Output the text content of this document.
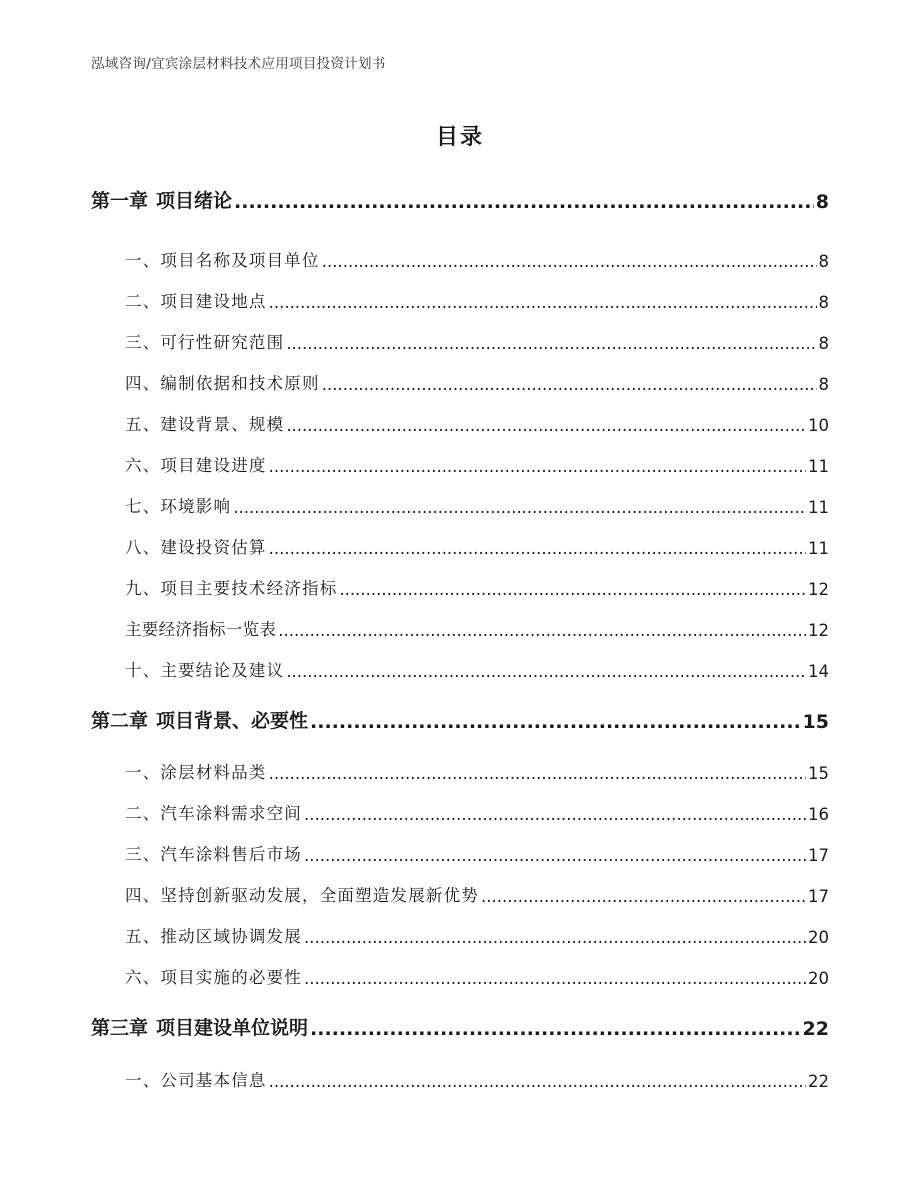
泓域咨询/宜宾涂层材料技术应用项目投资计划书
目录
第一章 项目绪论 .....	8
一、 项目名称及项目单位 .....	8
二、 项目建设地点 .....	8
三、 可行性研究范围 .....	8
四、 编制依据和技术原则 .....	8
五、 建设背景、规模 .....	10
六、 项目建设进度 .....	11
七、 环境影响 .....	11
八、 建设投资估算 .....	11
九、 项目主要技术经济指标 .....	12
主要经济指标一览表 .....	12
十、 主要结论及建议 .....	14
第二章 项目背景、必要性 .....	15
一、 涂层材料品类 .....	15
二、 汽车涂料需求空间 .....	16
三、 汽车涂料售后市场 .....	17
四、 坚持创新驱动发展，全面塑造发展新优势 .....	17
五、 推动区域协调发展 .....	20
六、 项目实施的必要性 .....	20
第三章 项目建设单位说明 .....	22
一、 公司基本信息 .....	22
